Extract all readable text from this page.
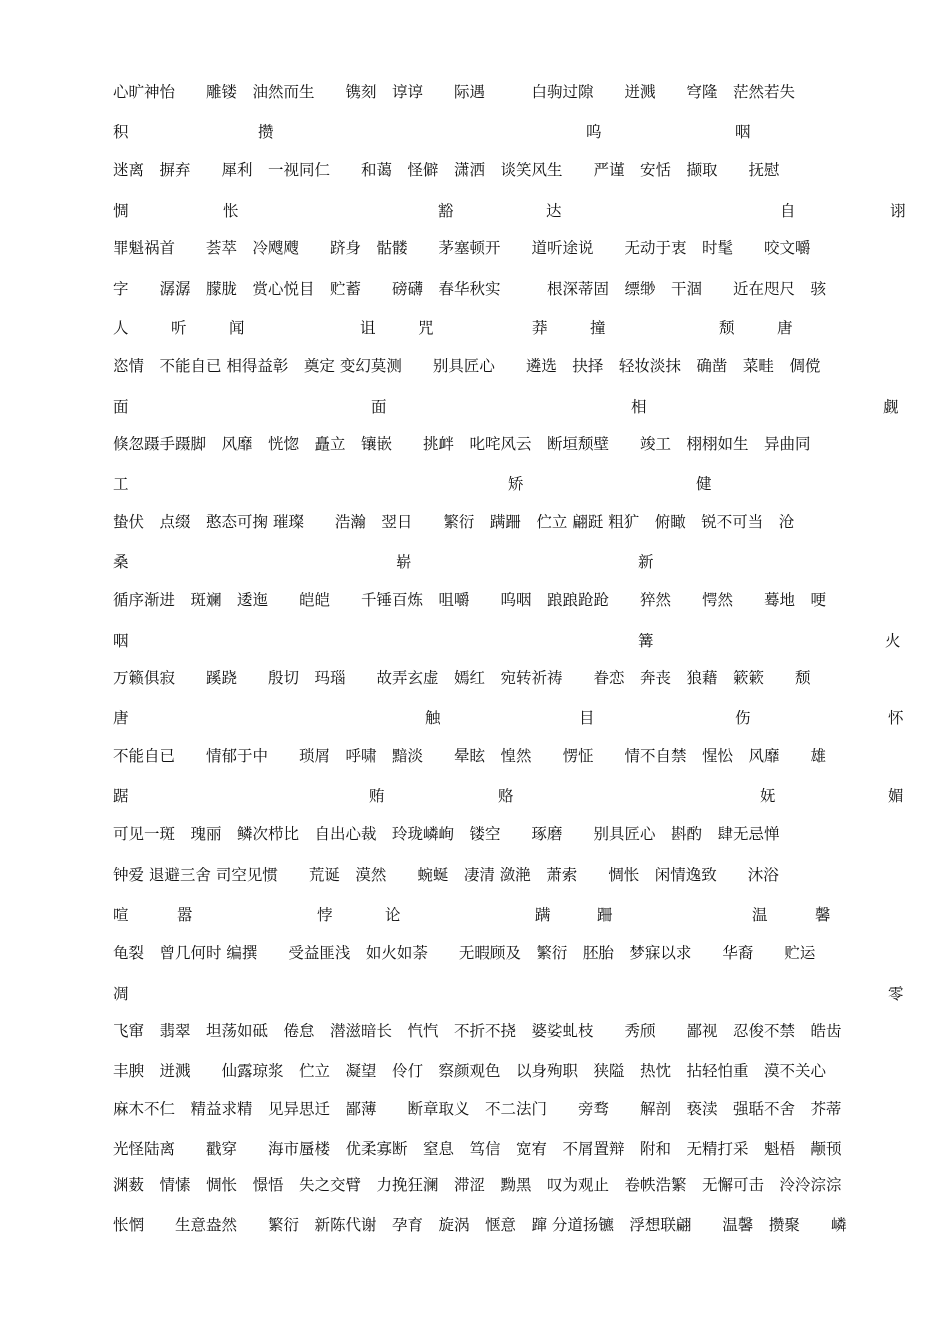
心旷神怡　　雕镂　油然而生　　镌刻　谆谆　　际遇　　　白驹过隙　　迸溅　　穹隆　茫然若失
积	攒	呜	咽
迷离　摒弃　　犀利　一视同仁　　和蔼　怪僻　潇洒　谈笑风生　　严谨　安恬　撷取　　抚慰
惆	怅	豁	达	自	诩
罪魁祸首　　荟萃　冷飕飕　　跻身　骷髅　　茅塞顿开　　道听途说　　无动于衷　时髦　　咬文嚼
字　　潺潺　朦胧　赏心悦目　贮蓄　　磅礴　春华秋实　　　根深蒂固　缥缈　干涸　　近在咫尺　骇
人	听	闻	诅	咒	莽	撞	颓	唐
恣情　不能自已 相得益彰　奠定 变幻莫测　　别具匠心　　遴选　抉择　轻妆淡抹　确凿　菜畦　倜傥
面	面	相	觑
倏忽蹑手蹑脚　风靡　恍惚　矗立　镶嵌　　挑衅　叱咤风云　断垣颓壁　　竣工　栩栩如生　异曲同
工	矫	健
蛰伏　点缀　憨态可掬 璀璨　　浩瀚　翌日　　繁衍　蹒跚　伫立 翩跹 粗犷　俯瞰　锐不可当　沧
桑	崭	新
循序渐进　斑斓　逶迤　　皑皑　　千锤百炼　咀嚼　　呜咽　踉踉跄跄　　猝然　　愕然　　蓦地　哽
咽	篝	火
万籁俱寂　　蹊跷　　殷切　玛瑙　　故弄玄虚　嫣红　宛转祈祷　　眷恋　奔丧　狼藉　簌簌　　颓
唐	触	目	伤	怀
不能自已　　情郁于中　　琐屑　呼啸　黯淡　　晕眩　惶然　　愣怔　　情不自禁　惺忪　风靡　　雄
踞	贿	赂	妩	媚
可见一斑　瑰丽　鳞次栉比　自出心裁　玲珑嶙峋　镂空　　琢磨　　别具匠心　斟酌　肆无忌惮
钟爱 退避三舍 司空见惯　　荒诞　漠然　　蜿蜒　凄清 潋滟　萧索　　惆怅　闲情逸致　　沐浴
喧	嚣	悖	论	蹒	跚	温	馨
龟裂　曾几何时 编撰　　受益匪浅　如火如荼　　无暇顾及　繁衍　胚胎　梦寐以求　　华裔　　贮运
凋	零
飞窜　翡翠　坦荡如砥　倦怠　潜滋暗长　忾忾　不折不挠　婆娑虬枝　　秀颀　　鄙视　忍俊不禁　皓齿
丰腴　迸溅　　仙露琼浆　伫立　凝望　伶仃　察颜观色　以身殉职　狭隘　热忱　拈轻怕重　漠不关心
麻木不仁　精益求精　见异思迁　鄙薄　　断章取义　不二法门　　旁骛　　解剖　亵渎　强聒不舍　芥蒂
光怪陆离　　戳穿　　海市蜃楼　优柔寡断　窒息　笃信　宽宥　不屑置辩　附和　无精打采　魁梧　颟顸
渊薮　情愫　惆怅　憬悟　失之交臂　力挽狂澜　滞涩　黝黑　叹为观止　卷帙浩繁　无懈可击　泠泠淙淙
怅惘　　生意盎然　　繁衍　新陈代谢　孕育　旋涡　惬意　蹿 分道扬镳　浮想联翩　　温馨　攒聚　　嶙
